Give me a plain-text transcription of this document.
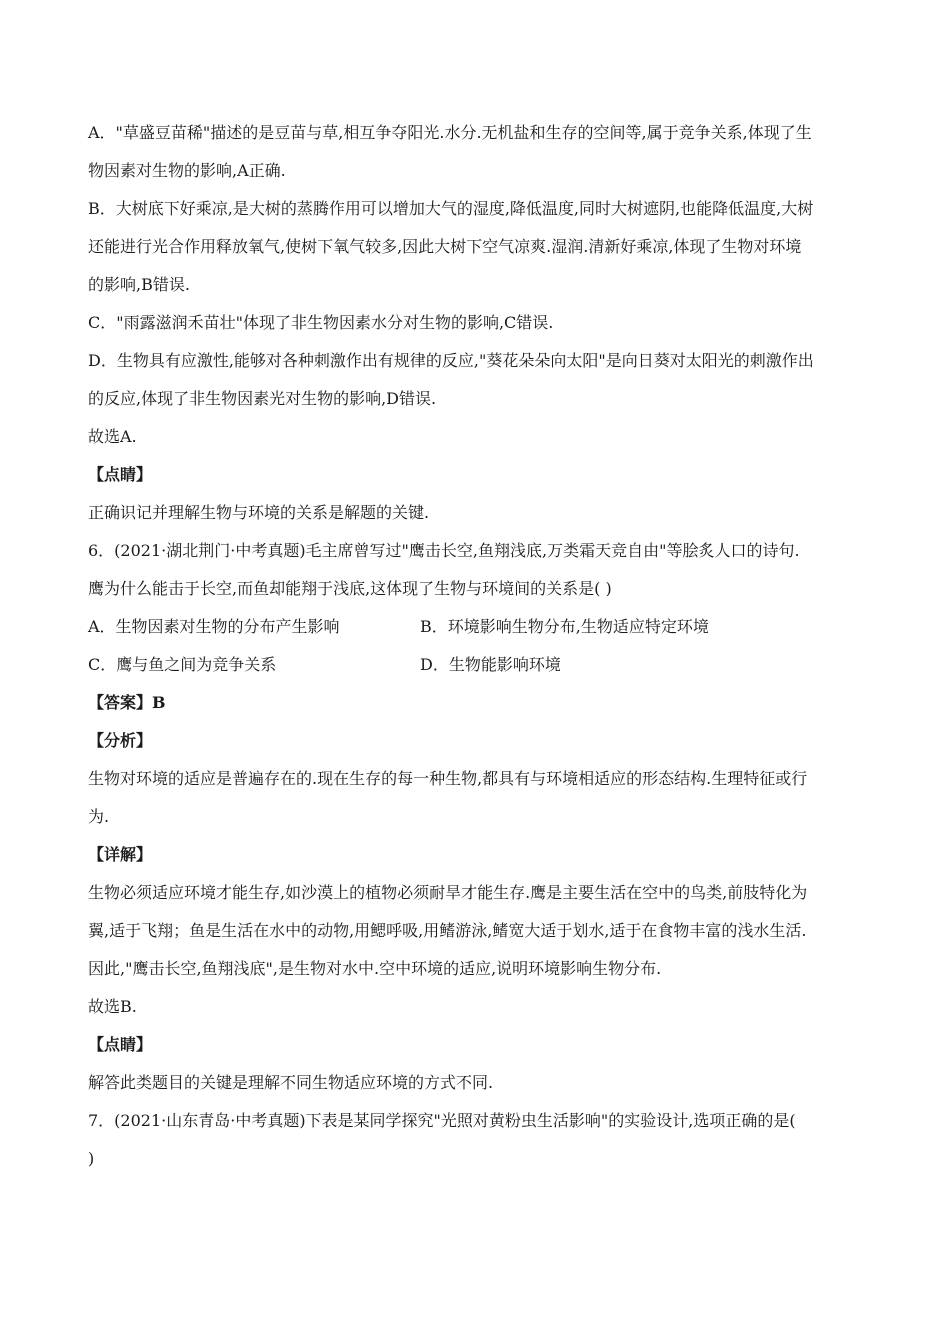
A．"草盛豆苗稀"描述的是豆苗与草,相互争夺阳光.水分.无机盐和生存的空间等,属于竞争关系,体现了生
物因素对生物的影响,A正确.
B．大树底下好乘凉,是大树的蒸腾作用可以增加大气的湿度,降低温度,同时大树遮阴,也能降低温度,大树
还能进行光合作用释放氧气,使树下氧气较多,因此大树下空气凉爽.湿润.清新好乘凉,体现了生物对环境
的影响,B错误.
C．"雨露滋润禾苗壮"体现了非生物因素水分对生物的影响,C错误.
D．生物具有应激性,能够对各种刺激作出有规律的反应,"葵花朵朵向太阳"是向日葵对太阳光的刺激作出
的反应,体现了非生物因素光对生物的影响,D错误.
故选A.
【点睛】
正确识记并理解生物与环境的关系是解题的关键.
6．(2021·湖北荆门·中考真题)毛主席曾写过"鹰击长空,鱼翔浅底,万类霜天竞自由"等脍炙人口的诗句.
鹰为什么能击于长空,而鱼却能翔于浅底,这体现了生物与环境间的关系是( )
A．生物因素对生物的分布产生影响	B．环境影响生物分布,生物适应特定环境
C．鹰与鱼之间为竞争关系	D．生物能影响环境
【答案】B
【分析】
生物对环境的适应是普遍存在的.现在生存的每一种生物,都具有与环境相适应的形态结构.生理特征或行
为.
【详解】
生物必须适应环境才能生存,如沙漠上的植物必须耐旱才能生存.鹰是主要生活在空中的鸟类,前肢特化为
翼,适于飞翔；鱼是生活在水中的动物,用鳃呼吸,用鳍游泳,鳍宽大适于划水,适于在食物丰富的浅水生活.
因此,"鹰击长空,鱼翔浅底",是生物对水中.空中环境的适应,说明环境影响生物分布.
故选B.
【点睛】
解答此类题目的关键是理解不同生物适应环境的方式不同.
7．(2021·山东青岛·中考真题)下表是某同学探究"光照对黄粉虫生活影响"的实验设计,选项正确的是(
)
